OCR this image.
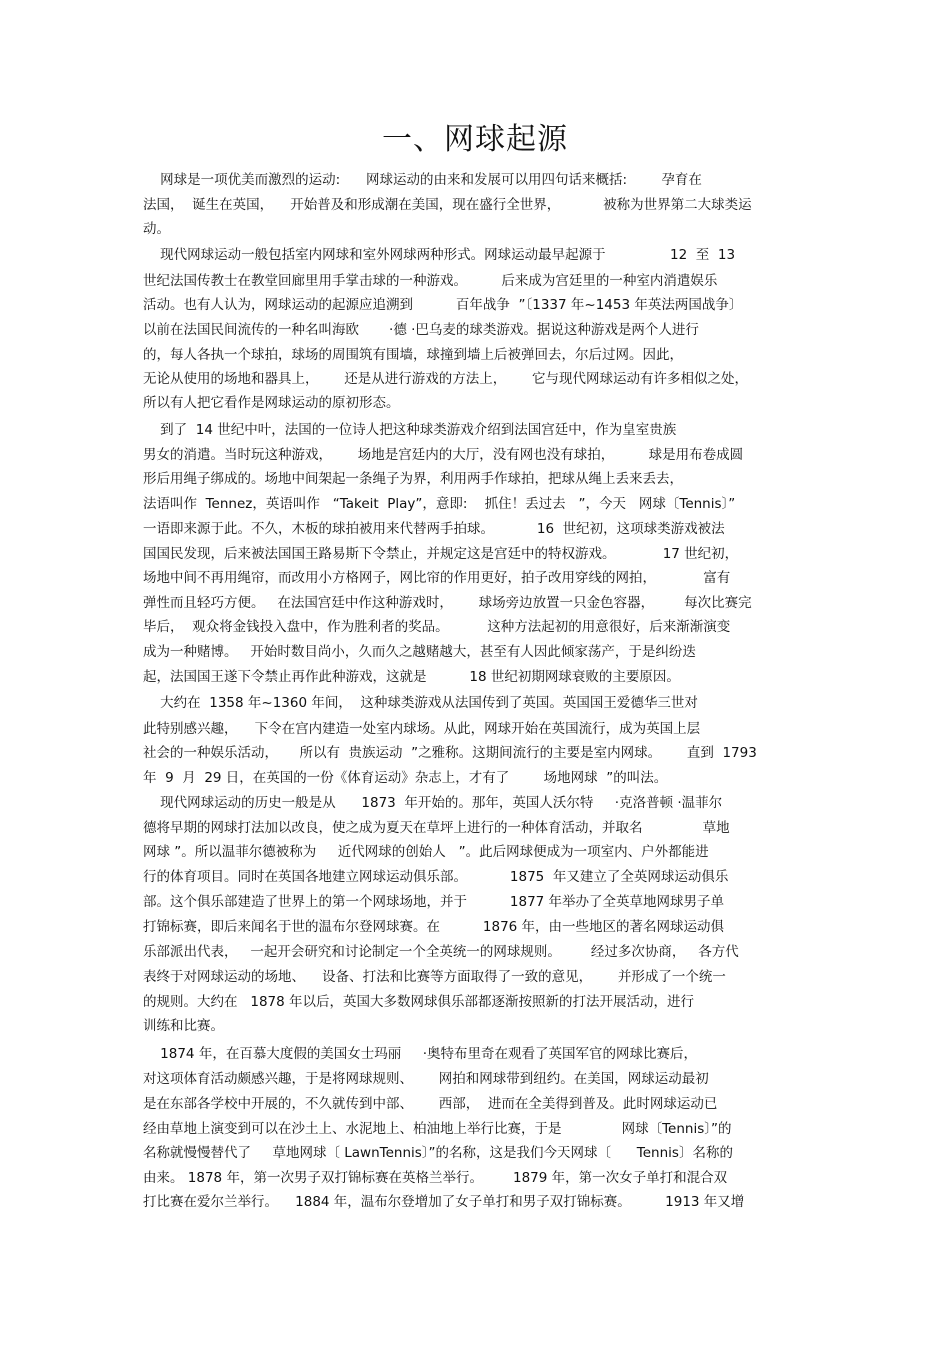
一、网球起源
网球是一项优美而激烈的运动:      网球运动的由来和发展可以用四句话来概括:        孕育在
法国，  诞生在英国，    开始普及和形成潮在美国，现在盛行全世界，          被称为世界第二大球类运
动。
现代网球运动一般包括室内网球和室外网球两种形式。网球运动最早起源于               12  至  13
世纪法国传教士在教堂回廊里用手掌击球的一种游戏。        后来成为宫廷里的一种室内消遣娱乐
活动。也有人认为，网球运动的起源应追溯到          百年战争  ”〔1337 年~1453 年英法两国战争〕
以前在法国民间流传的一种名叫海欧       ·德 ·巴乌麦的球类游戏。据说这种游戏是两个人进行
的，每人各执一个球拍，球场的周围筑有围墙，球撞到墙上后被弹回去，尔后过网。因此，
无论从使用的场地和器具上，      还是从进行游戏的方法上，      它与现代网球运动有许多相似之处，
所以有人把它看作是网球运动的原初形态。
到了  14 世纪中叶，法国的一位诗人把这种球类游戏介绍到法国宫廷中，作为皇室贵族
男女的消遣。当时玩这种游戏，      场地是宫廷内的大厅，没有网也没有球拍，        球是用布卷成圆
形后用绳子绑成的。场地中间架起一条绳子为界，利用两手作球拍，把球从绳上丢来丢去，
法语叫作  Tennez，英语叫作   “Takeit  Play”，意即:    抓住！丢过去   ”，今天   网球〔Tennis〕”
一语即来源于此。不久，木板的球拍被用来代替两手拍球。          16  世纪初，这项球类游戏被法
国国民发现，后来被法国国王路易斯下令禁止，并规定这是宫廷中的特权游戏。           17 世纪初，
场地中间不再用绳帘，而改用小方格网子，网比帘的作用更好，拍子改用穿线的网拍，           富有
弹性而且轻巧方便。   在法国宫廷中作这种游戏时，      球场旁边放置一只金色容器，       每次比赛完
毕后，  观众将金钱投入盘中，作为胜利者的奖品。         这种方法起初的用意很好，后来渐渐演变
成为一种赌博。   开始时数目尚小，久而久之越赌越大，甚至有人因此倾家荡产，于是纠纷迭
起，法国国王遂下令禁止再作此种游戏，这就是          18 世纪初期网球衰败的主要原因。
大约在  1358 年~1360 年间，  这种球类游戏从法国传到了英国。英国国王爱德华三世对
此特别感兴趣，    下令在宫内建造一处室内球场。从此，网球开始在英国流行，成为英国上层
社会的一种娱乐活动，     所以有  贵族运动  ”之雅称。这期间流行的主要是室内网球。      直到  1793
年  9  月  29 日，在英国的一份《体育运动》杂志上，才有了        场地网球  ”的叫法。
现代网球运动的历史一般是从      1873  年开始的。那年，英国人沃尔特     ·克洛普顿 ·温菲尔
德将早期的网球打法加以改良，使之成为夏天在草坪上进行的一种体育活动，并取名              草地
网球 ”。所以温菲尔德被称为     近代网球的创始人   ”。此后网球便成为一项室内、户外都能进
行的体育项目。同时在英国各地建立网球运动俱乐部。          1875  年又建立了全英网球运动俱乐
部。这个俱乐部建造了世界上的第一个网球场地，并于          1877 年举办了全英草地网球男子单
打锦标赛，即后来闻名于世的温布尔登网球赛。在          1876 年，由一些地区的著名网球运动俱
乐部派出代表，   一起开会研究和讨论制定一个全英统一的网球规则。       经过多次协商，   各方代
表终于对网球运动的场地、    设备、打法和比赛等方面取得了一致的意见，      并形成了一个统一
的规则。大约在   1878 年以后，英国大多数网球俱乐部都逐渐按照新的打法开展活动，进行
训练和比赛。
1874 年，在百慕大度假的美国女士玛丽     ·奥特布里奇在观看了英国军官的网球比赛后，
对这项体育活动颇感兴趣，于是将网球规则、      网拍和网球带到纽约。在美国，网球运动最初
是在东部各学校中开展的，不久就传到中部、      西部，  进而在全美得到普及。此时网球运动已
经由草地上演变到可以在沙土上、水泥地上、柏油地上举行比赛，于是              网球〔Tennis〕”的
名称就慢慢替代了     草地网球〔 LawnTennis〕”的名称，这是我们今天网球〔      Tennis〕名称的
由来。 1878 年，第一次男子双打锦标赛在英格兰举行。       1879 年，第一次女子单打和混合双
打比赛在爱尔兰举行。    1884 年，温布尔登增加了女子单打和男子双打锦标赛。        1913 年又增
